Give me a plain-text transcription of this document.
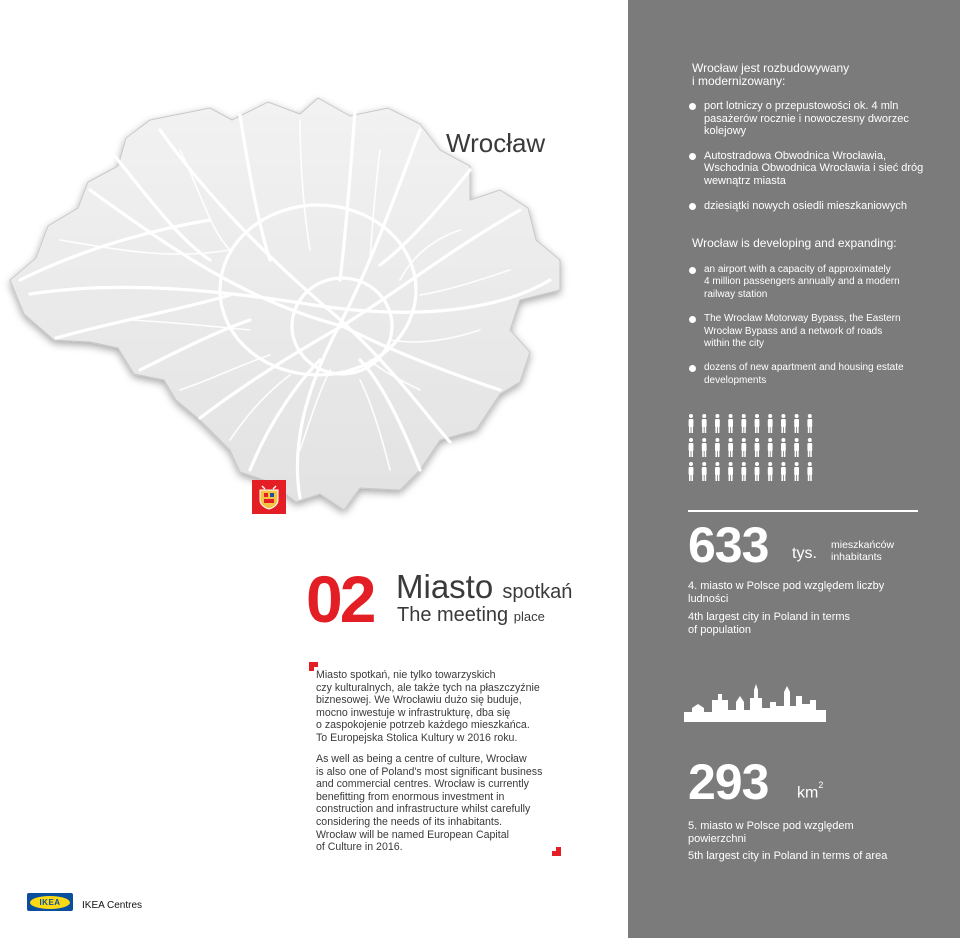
Wrocław
02 Miasto spotkań
The meeting place
Miasto spotkań, nie tylko towarzyskich
czy kulturalnych, ale także tych na płaszczyźnie
biznesowej. We Wrocławiu dużo się buduje,
mocno inwestuje w infrastrukturę, dba się
o zaspokojenie potrzeb każdego mieszkańca.
To Europejska Stolica Kultury w 2016 roku.
As well as being a centre of culture, Wrocław
is also one of Poland's most significant business
and commercial centres. Wrocław is currently
benefitting from enormous investment in
construction and infrastructure whilst carefully
considering the needs of its inhabitants.
Wrocław will be named European Capital
of Culture in 2016.
Wrocław jest rozbudowywany
i modernizowany:
port lotniczy o przepustowości ok. 4 mln
pasażerów rocznie i nowoczesny dworzec
kolejowy
Autostradowa Obwodnica Wrocławia,
Wschodnia Obwodnica Wrocławia i sieć dróg
wewnątrz miasta
dziesiątki nowych osiedli mieszkaniowych
Wrocław is developing and expanding:
an airport with a capacity of approximately
4 million passengers annually and a modern
railway station
The Wrocław Motorway Bypass, the Eastern
Wrocław Bypass and a network of roads
within the city
dozens of new apartment and housing estate
developments
633 tys. mieszkańców
inhabitants
4. miasto w Polsce pod względem liczby
ludności
4th largest city in Poland in terms
of population
293 $km^2$
5. miasto w Polsce pod względem
powierzchni
5th largest city in Poland in terms of area
IKEA IKEA Centres
